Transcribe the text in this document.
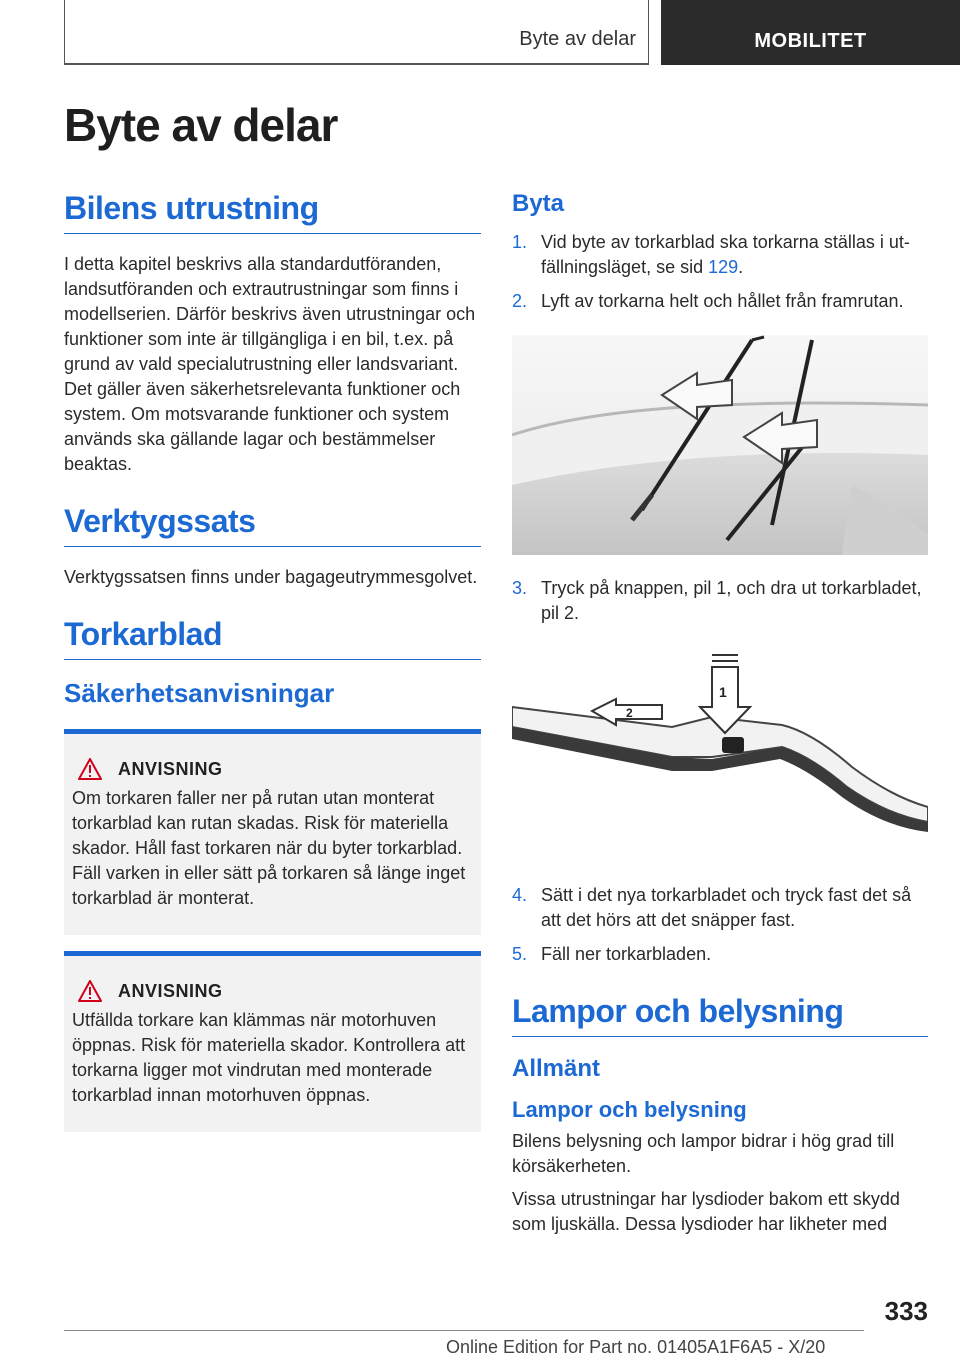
Byte av delar	MOBILITET
Byte av delar
Bilens utrustning

I detta kapitel beskrivs alla standardutföranden, landsutföranden och extrautrustningar som finns i modellserien. Därför beskrivs även utrustningar och funktioner som inte är tillgängliga i en bil, t.ex. på grund av vald specialutrustning eller landsvariant. Det gäller även säkerhetsrelevanta funktioner och system. Om motsvarande funktioner och system används ska gällande lagar och bestämmelser beaktas.

Verktygssats

Verktygssatsen finns under bagageutrymmesgolvet.

Torkarblad
Säkerhetsanvisningar
ANVISNING

Om torkaren faller ner på rutan utan monterat torkarblad kan rutan skadas. Risk för materiella skador. Håll fast torkaren när du byter torkarblad. Fäll varken in eller sätt på torkaren så länge inget torkarblad är monterat.

ANVISNING

Utfällda torkare kan klämmas när motorhuven öppnas. Risk för materiella skador. Kontrollera att torkarna ligger mot vindrutan med monterade torkarblad innan motorhuven öppnas.

Byta
1. Vid byte av torkarblad ska torkarna ställas i utfällningsläget, se sid 129.
2. Lyft av torkarna helt och hållet från framrutan.
3. Tryck på knappen, pil 1, och dra ut torkarbladet, pil 2.
2
1
4. Sätt i det nya torkarbladet och tryck fast det så att det hörs att det snäpper fast.
5. Fäll ner torkarbladen.
Lampor och belysning
Allmänt
Lampor och belysning

Bilens belysning och lampor bidrar i hög grad till körsäkerheten.

Vissa utrustningar har lysdioder bakom ett skydd som ljuskälla. Dessa lysdioder har likheter med

333
Online Edition for Part no. 01405A1F6A5 - X/20
